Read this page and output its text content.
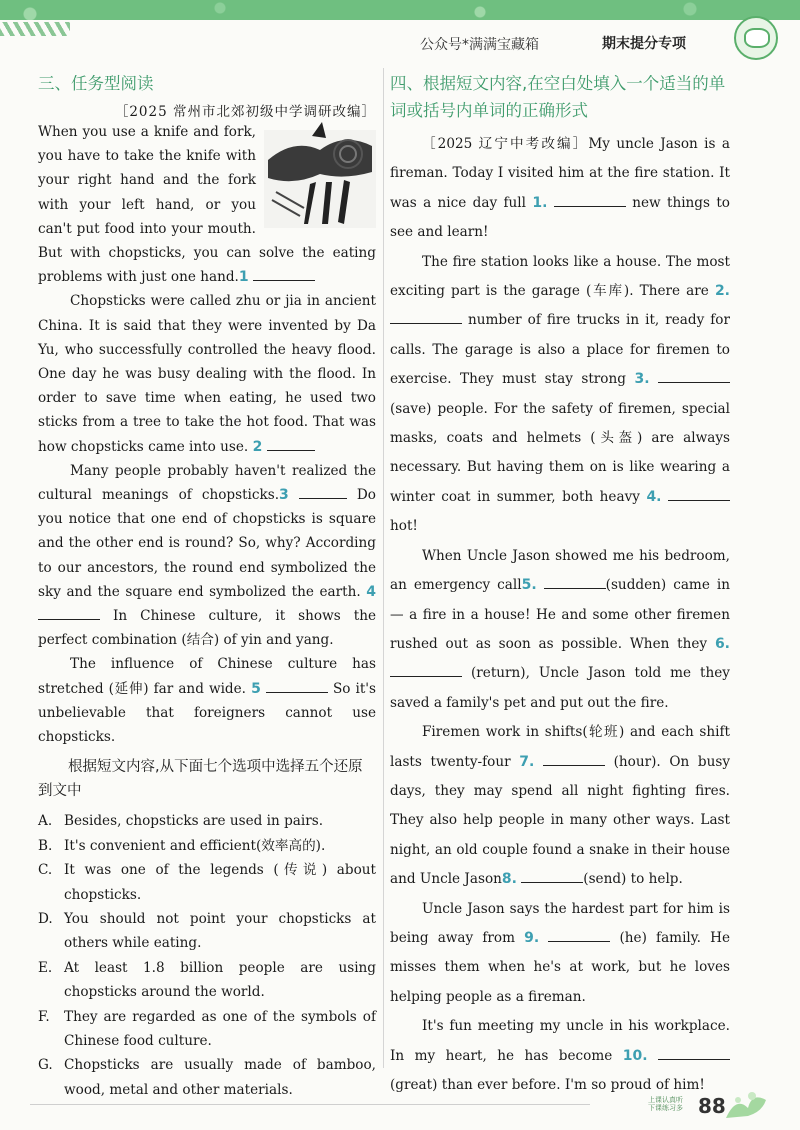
公众号*满满宝藏箱	期末提分专项
三、任务型阅读
［2025 常州市北郊初级中学调研改编］

When you use a knife and fork, you have to take the knife with your right hand and the fork with your left hand, or you can't put food into your mouth. But with chopsticks, you can solve the eating problems with just one hand.1

Chopsticks were called zhu or jia in ancient China. It is said that they were invented by Da Yu, who successfully controlled the heavy flood. One day he was busy dealing with the flood. In order to save time when eating, he used two sticks from a tree to take the hot food. That was how chopsticks came into use. 2

Many people probably haven't realized the cultural meanings of chopsticks.3	Do you notice that one end of chopsticks is square and the other end is round? So, why? According to our ancestors, the round end symbolized the sky and the square end symbolized the earth. 4  In Chinese culture, it shows the perfect combination (结合) of yin and yang.

The influence of Chinese culture has stretched (延伸) far and wide. 5	So it's unbelievable that foreigners cannot use chopsticks.

根据短文内容,从下面七个选项中选择五个还原到文中

A. Besides, chopsticks are used in pairs.

B. It's convenient and efficient(效率高的).

C. It was one of the legends (传说) about chopsticks.

D. You should not point your chopsticks at others while eating.

E. At least 1.8 billion people are using chopsticks around the world.

F. They are regarded as one of the symbols of Chinese food culture.

G. Chopsticks are usually made of bamboo, wood, metal and other materials.

四、根据短文内容,在空白处填入一个适当的单词或括号内单词的正确形式

［2025 辽宁中考改编］My uncle Jason is a fireman. Today I visited him at the fire station. It was a nice day full 1.	new things to see and learn!

The fire station looks like a house. The most exciting part is the garage (车库). There are 2.  number of fire trucks in it, ready for calls. The garage is also a place for firemen to exercise. They must stay strong 3.  (save) people. For the safety of firemen, special masks, coats and helmets (头盔) are always necessary. But having them on is like wearing a winter coat in summer, both heavy 4.  hot!

When Uncle Jason showed me his bedroom, an emergency call5.	(sudden) came in — a fire in a house! He and some other firemen rushed out as soon as possible. When they 6.  (return), Uncle Jason told me they saved a family's pet and put out the fire.

Firemen work in shifts(轮班) and each shift lasts twenty-four 7.	(hour). On busy days, they may spend all night fighting fires. They also help people in many other ways. Last night, an old couple found a snake in their house and Uncle Jason8.	(send) to help.

Uncle Jason says the hardest part for him is being away from 9.	(he) family. He misses them when he's at work, but he loves helping people as a fireman.

It's fun meeting my uncle in his workplace. In my heart, he has become 10.  (great) than ever before. I'm so proud of him!

上课认真听
下课练习多 88
